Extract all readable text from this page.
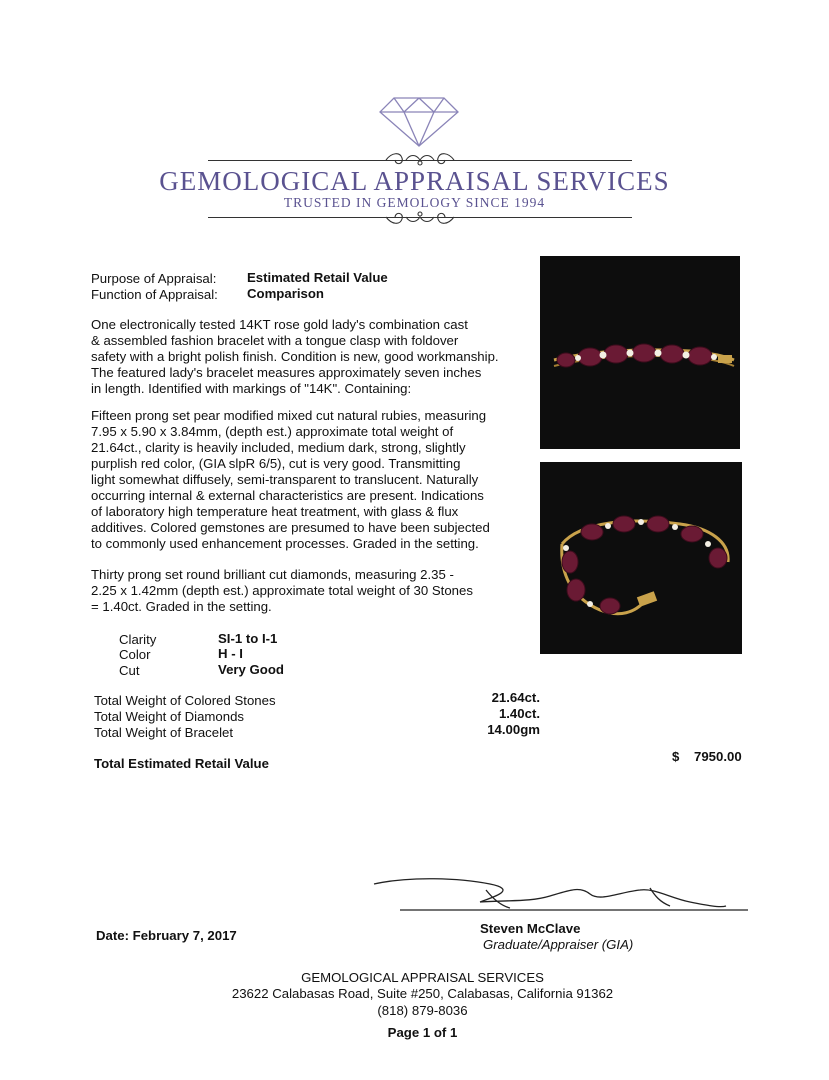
GEMOLOGICAL APPRAISAL SERVICES
TRUSTED IN GEMOLOGY SINCE 1994
Purpose of Appraisal: Estimated Retail Value
Function of Appraisal: Comparison
One electronically tested 14KT rose gold lady's combination cast
& assembled fashion bracelet with a tongue clasp with foldover
safety with a bright polish finish. Condition is new, good workmanship.
The featured lady's bracelet measures approximately seven inches
in length. Identified with markings of "14K". Containing:
Fifteen prong set pear modified mixed cut natural rubies, measuring
7.95 x 5.90 x 3.84mm, (depth est.) approximate total weight of
21.64ct., clarity is heavily included, medium dark, strong, slightly
purplish red color, (GIA slpR 6/5), cut is very good. Transmitting
light somewhat diffusely, semi-transparent to translucent. Naturally
occurring internal & external characteristics are present. Indications
of laboratory high temperature heat treatment, with glass & flux
additives. Colored gemstones are presumed to have been subjected
to commonly used enhancement processes. Graded in the setting.
Thirty prong set round brilliant cut diamonds, measuring 2.35 -
2.25 x 1.42mm (depth est.) approximate total weight of 30 Stones
= 1.40ct. Graded in the setting.
Clarity	SI-1 to I-1
Color	H - I
Cut	Very Good
Total Weight of Colored Stones	21.64ct.
Total Weight of Diamonds	1.40ct.
Total Weight of Bracelet	14.00gm
Total Estimated Retail Value	$ 7950.00
Date: February 7, 2017	Steven McClave
Graduate/Appraiser (GIA)
GEMOLOGICAL APPRAISAL SERVICES
23622 Calabasas Road, Suite #250, Calabasas, California 91362
(818) 879-8036
Page 1 of 1
